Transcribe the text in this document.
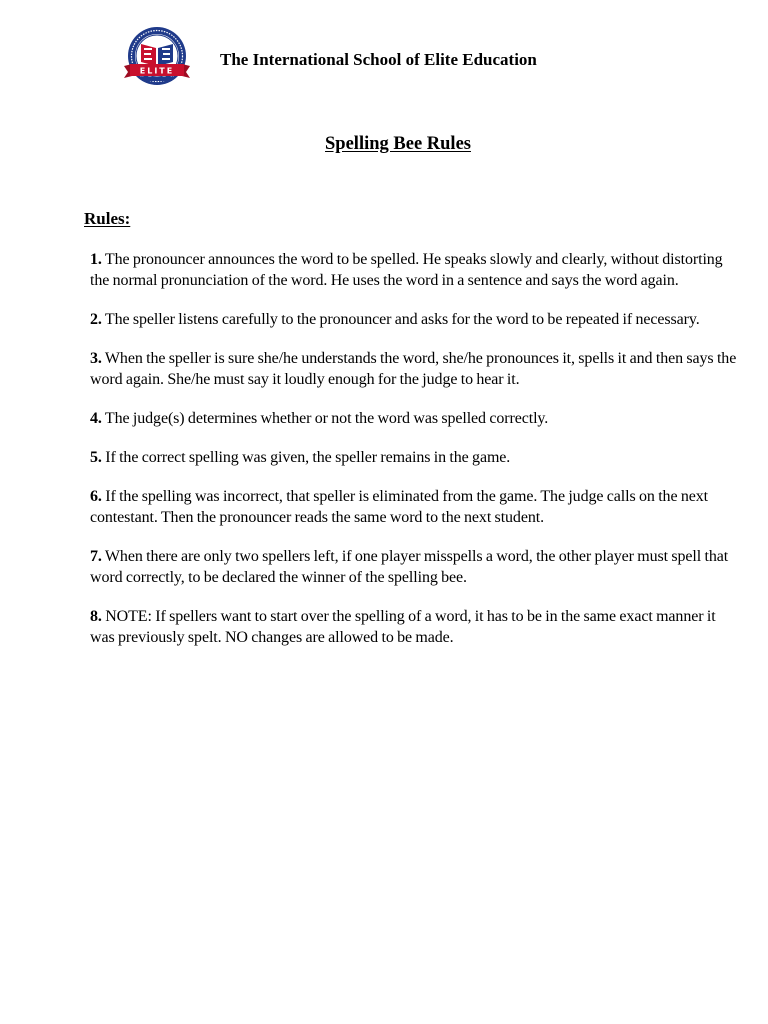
ELITE
The International School of Elite Education
Spelling Bee Rules
Rules:
1. The pronouncer announces the word to be spelled. He speaks slowly and clearly, without distorting the normal pronunciation of the word. He uses the word in a sentence and says the word again.
2. The speller listens carefully to the pronouncer and asks for the word to be repeated if necessary.
3. When the speller is sure she/he understands the word, she/he pronounces it, spells it and then says the word again. She/he must say it loudly enough for the judge to hear it.
4. The judge(s) determines whether or not the word was spelled correctly.
5. If the correct spelling was given, the speller remains in the game.
6. If the spelling was incorrect, that speller is eliminated from the game. The judge calls on the next contestant. Then the pronouncer reads the same word to the next student.
7. When there are only two spellers left, if one player misspells a word, the other player must spell that word correctly, to be declared the winner of the spelling bee.
8. NOTE: If spellers want to start over the spelling of a word, it has to be in the same exact manner it was previously spelt. NO changes are allowed to be made.
